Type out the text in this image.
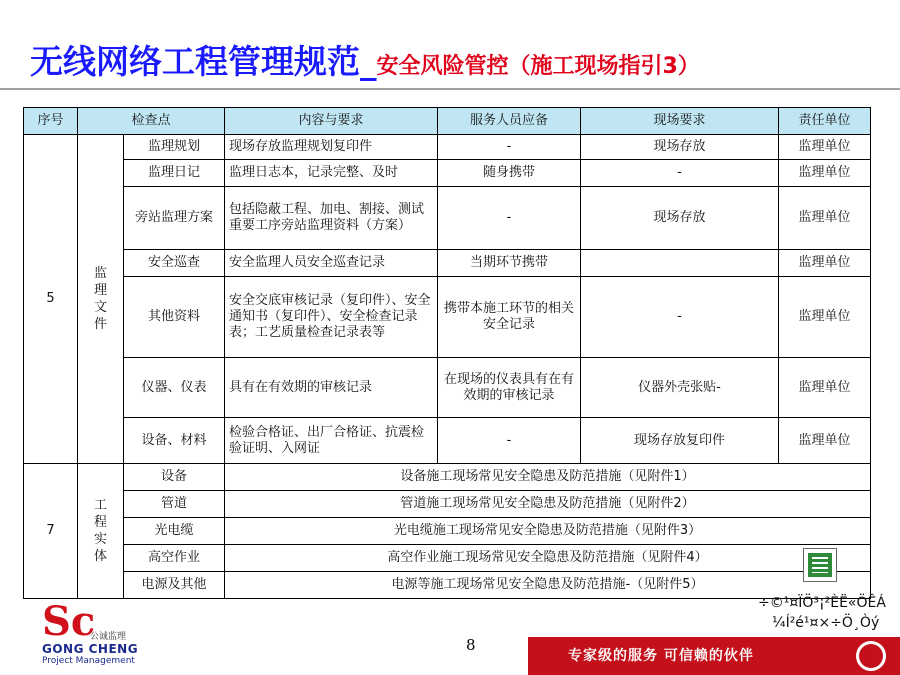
无线网络工程管理规范_安全风险管控（施工现场指引3）
序号	检查点		内容与要求	服务人员应备	现场要求	责任单位
5	监理文件	监理规划	现场存放监理规划复印件	-	现场存放	监理单位
		监理日记	监理日志本，记录完整、及时	随身携带	-	监理单位
		旁站监理方案	包括隐蔽工程、加电、割接、测试重要工序旁站监理资料（方案）	-	现场存放	监理单位
		安全巡查	安全监理人员安全巡查记录	当期环节携带		监理单位
		其他资料	安全交底审核记录（复印件）、安全通知书（复印件）、安全检查记录表；工艺质量检查记录表等	携带本施工环节的相关安全记录	-	监理单位
		仪器、仪表	具有在有效期的审核记录	在现场的仪表具有在有效期的审核记录	仪器外壳张贴-	监理单位
		设备、材料	检验合格证、出厂合格证、抗震检验证明、入网证	-	现场存放复印件	监理单位
7	工程实体	设备	设备施工现场常见安全隐患及防范措施（见附件1）			
		管道	管道施工现场常见安全隐患及防范措施（见附件2）			
		光电缆	光电缆施工现场常见安全隐患及防范措施（见附件3）			
		高空作业	高空作业施工现场常见安全隐患及防范措施（见附件4）			
		电源及其他	电源等施工现场常见安全隐患及防范措施-（见附件5）			
÷©¹¤ÏÖ³¡²ÈË«ÖÊÁ
¼Í²é¹¤×÷Ö¸Òý
Sc
公诚监理
GONG CHENG
Project Management
8
专家级的服务 可信赖的伙伴
